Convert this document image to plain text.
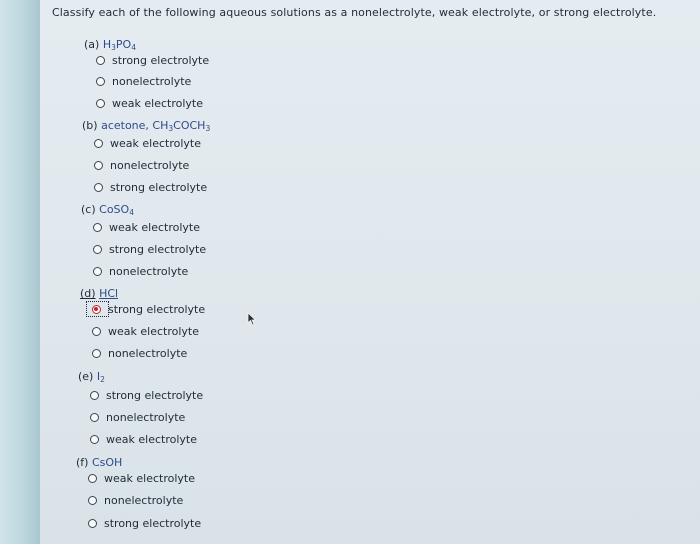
Classify each of the following aqueous solutions as a nonelectrolyte, weak electrolyte, or strong electrolyte.
(a) $H_3PO_4$
strong electrolyte
nonelectrolyte
weak electrolyte
(b) acetone, $CH_3COCH_3$
weak electrolyte
nonelectrolyte
strong electrolyte
(c) CoSO$_4$
weak electrolyte
strong electrolyte
nonelectrolyte
(d) HCl
strong electrolyte
weak electrolyte
nonelectrolyte
(e) $I_2$
strong electrolyte
nonelectrolyte
weak electrolyte
(f) CsOH
weak electrolyte
nonelectrolyte
strong electrolyte
